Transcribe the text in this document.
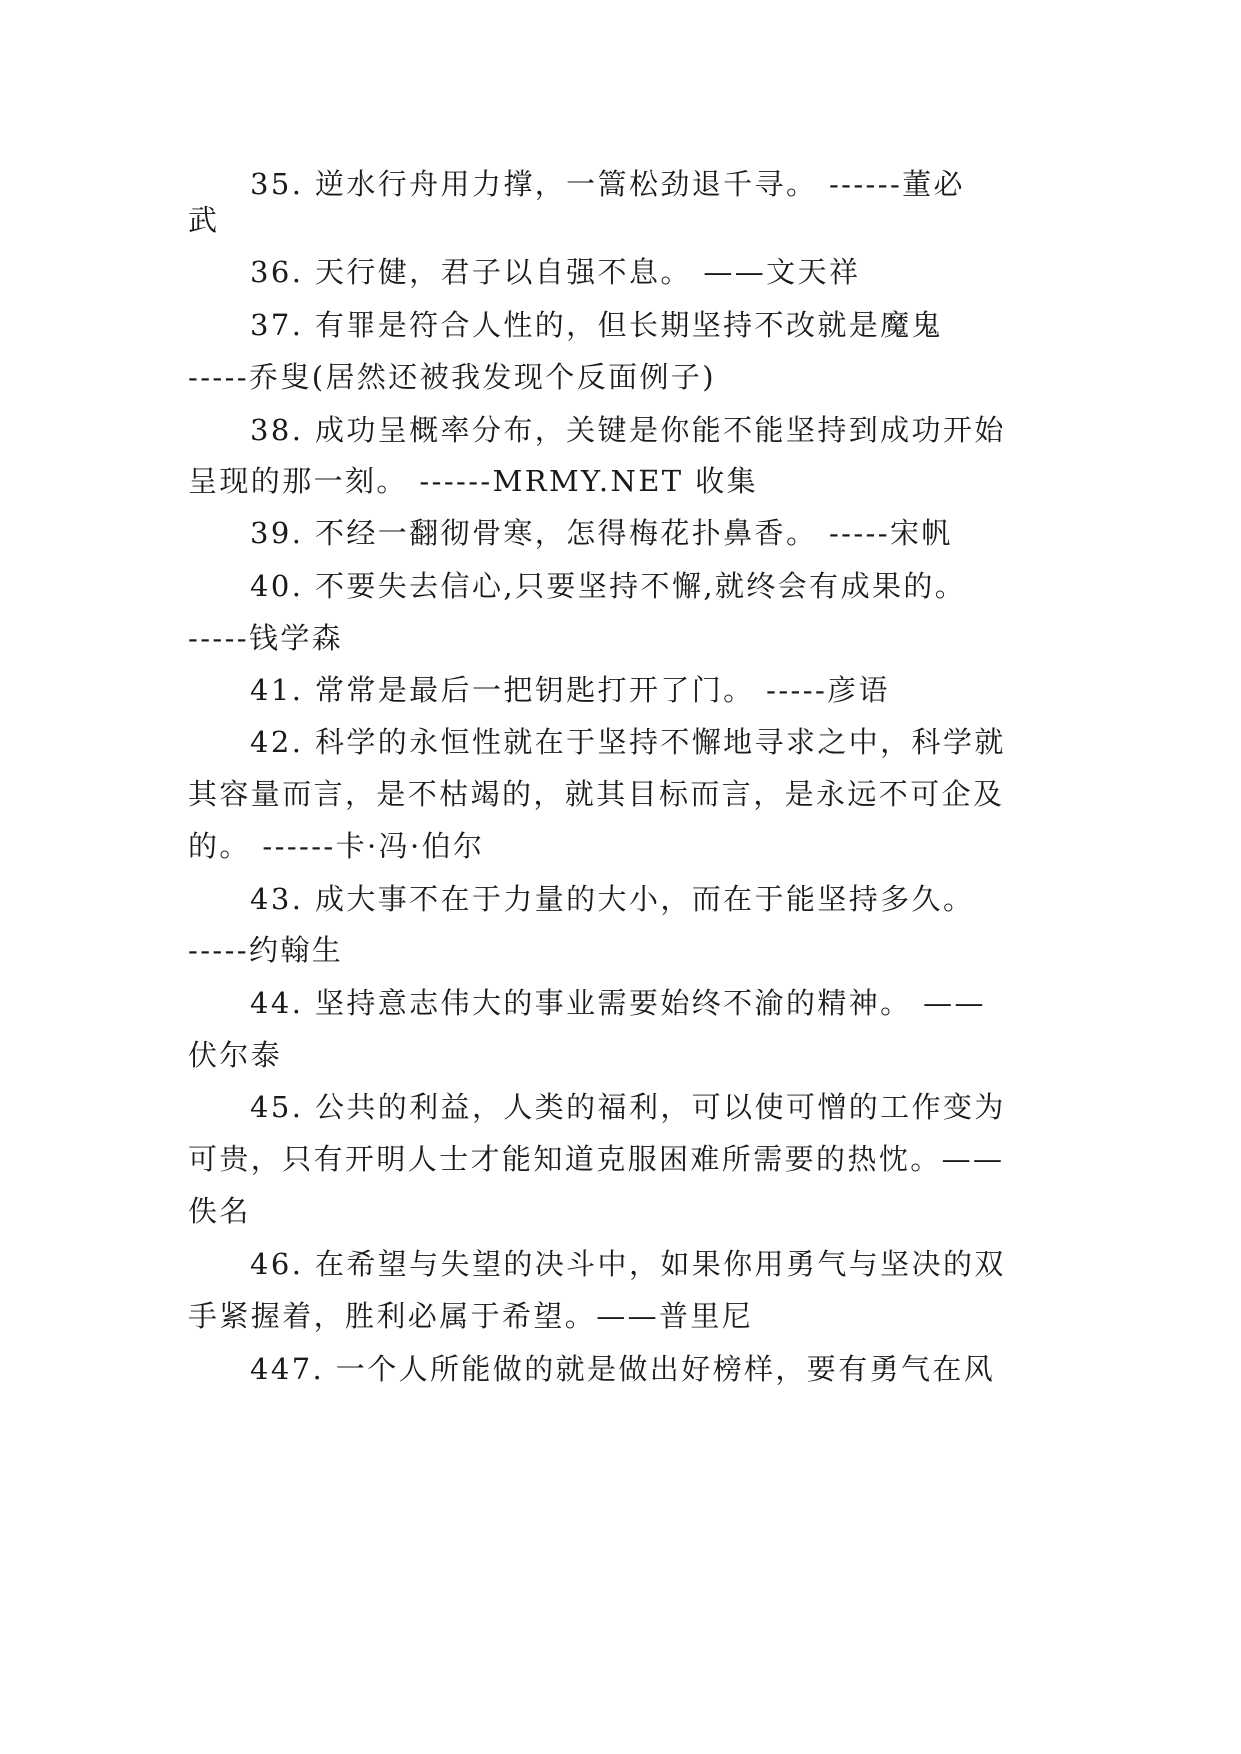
35. 逆水行舟用力撑，一篙松劲退千寻。 ------董必
武
36. 天行健，君子以自强不息。 ——文天祥
37. 有罪是符合人性的，但长期坚持不改就是魔鬼
-----乔叟(居然还被我发现个反面例子)
38. 成功呈概率分布，关键是你能不能坚持到成功开始
呈现的那一刻。 ------MRMY.NET 收集
39. 不经一翻彻骨寒，怎得梅花扑鼻香。 -----宋帆
40. 不要失去信心,只要坚持不懈,就终会有成果的。
-----钱学森
41. 常常是最后一把钥匙打开了门。 -----彦语
42. 科学的永恒性就在于坚持不懈地寻求之中，科学就
其容量而言，是不枯竭的，就其目标而言，是永远不可企及
的。 ------卡·冯·伯尔
43. 成大事不在于力量的大小，而在于能坚持多久。
-----约翰生
44. 坚持意志伟大的事业需要始终不渝的精神。 ——
伏尔泰
45. 公共的利益，人类的福利，可以使可憎的工作变为
可贵，只有开明人士才能知道克服困难所需要的热忱。——
佚名
46. 在希望与失望的决斗中，如果你用勇气与坚决的双
手紧握着，胜利必属于希望。——普里尼
447. 一个人所能做的就是做出好榜样，要有勇气在风
